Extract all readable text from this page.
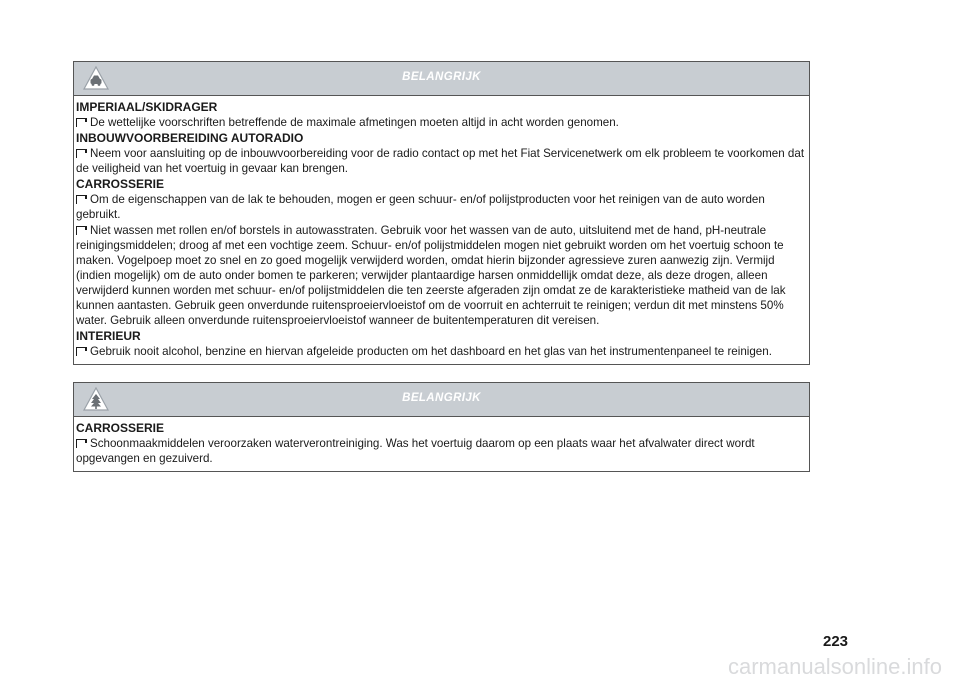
BELANGRIJK
IMPERIAAL/SKIDRAGER
De wettelijke voorschriften betreffende de maximale afmetingen moeten altijd in acht worden genomen.
INBOUWVOORBEREIDING AUTORADIO
Neem voor aansluiting op de inbouwvoorbereiding voor de radio contact op met het Fiat Servicenetwerk om elk probleem te voorkomen dat de veiligheid van het voertuig in gevaar kan brengen.
CARROSSERIE
Om de eigenschappen van de lak te behouden, mogen er geen schuur- en/of polijstproducten voor het reinigen van de auto worden gebruikt.
Niet wassen met rollen en/of borstels in autowasstraten. Gebruik voor het wassen van de auto, uitsluitend met de hand, pH-neutrale reinigingsmiddelen; droog af met een vochtige zeem. Schuur- en/of polijstmiddelen mogen niet gebruikt worden om het voertuig schoon te maken. Vogelpoep moet zo snel en zo goed mogelijk verwijderd worden, omdat hierin bijzonder agressieve zuren aanwezig zijn. Vermijd (indien mogelijk) om de auto onder bomen te parkeren; verwijder plantaardige harsen onmiddellijk omdat deze, als deze drogen, alleen verwijderd kunnen worden met schuur- en/of polijstmiddelen die ten zeerste afgeraden zijn omdat ze de karakteristieke matheid van de lak kunnen aantasten. Gebruik geen onverdunde ruitensproeiervloeistof om de voorruit en achterruit te reinigen; verdun dit met minstens 50% water. Gebruik alleen onverdunde ruitensproeiervloeistof wanneer de buitentemperaturen dit vereisen.
INTERIEUR
Gebruik nooit alcohol, benzine en hiervan afgeleide producten om het dashboard en het glas van het instrumentenpaneel te reinigen.
BELANGRIJK
CARROSSERIE
Schoonmaakmiddelen veroorzaken waterverontreiniging. Was het voertuig daarom op een plaats waar het afvalwater direct wordt opgevangen en gezuiverd.
223
carmanualsonline.info
